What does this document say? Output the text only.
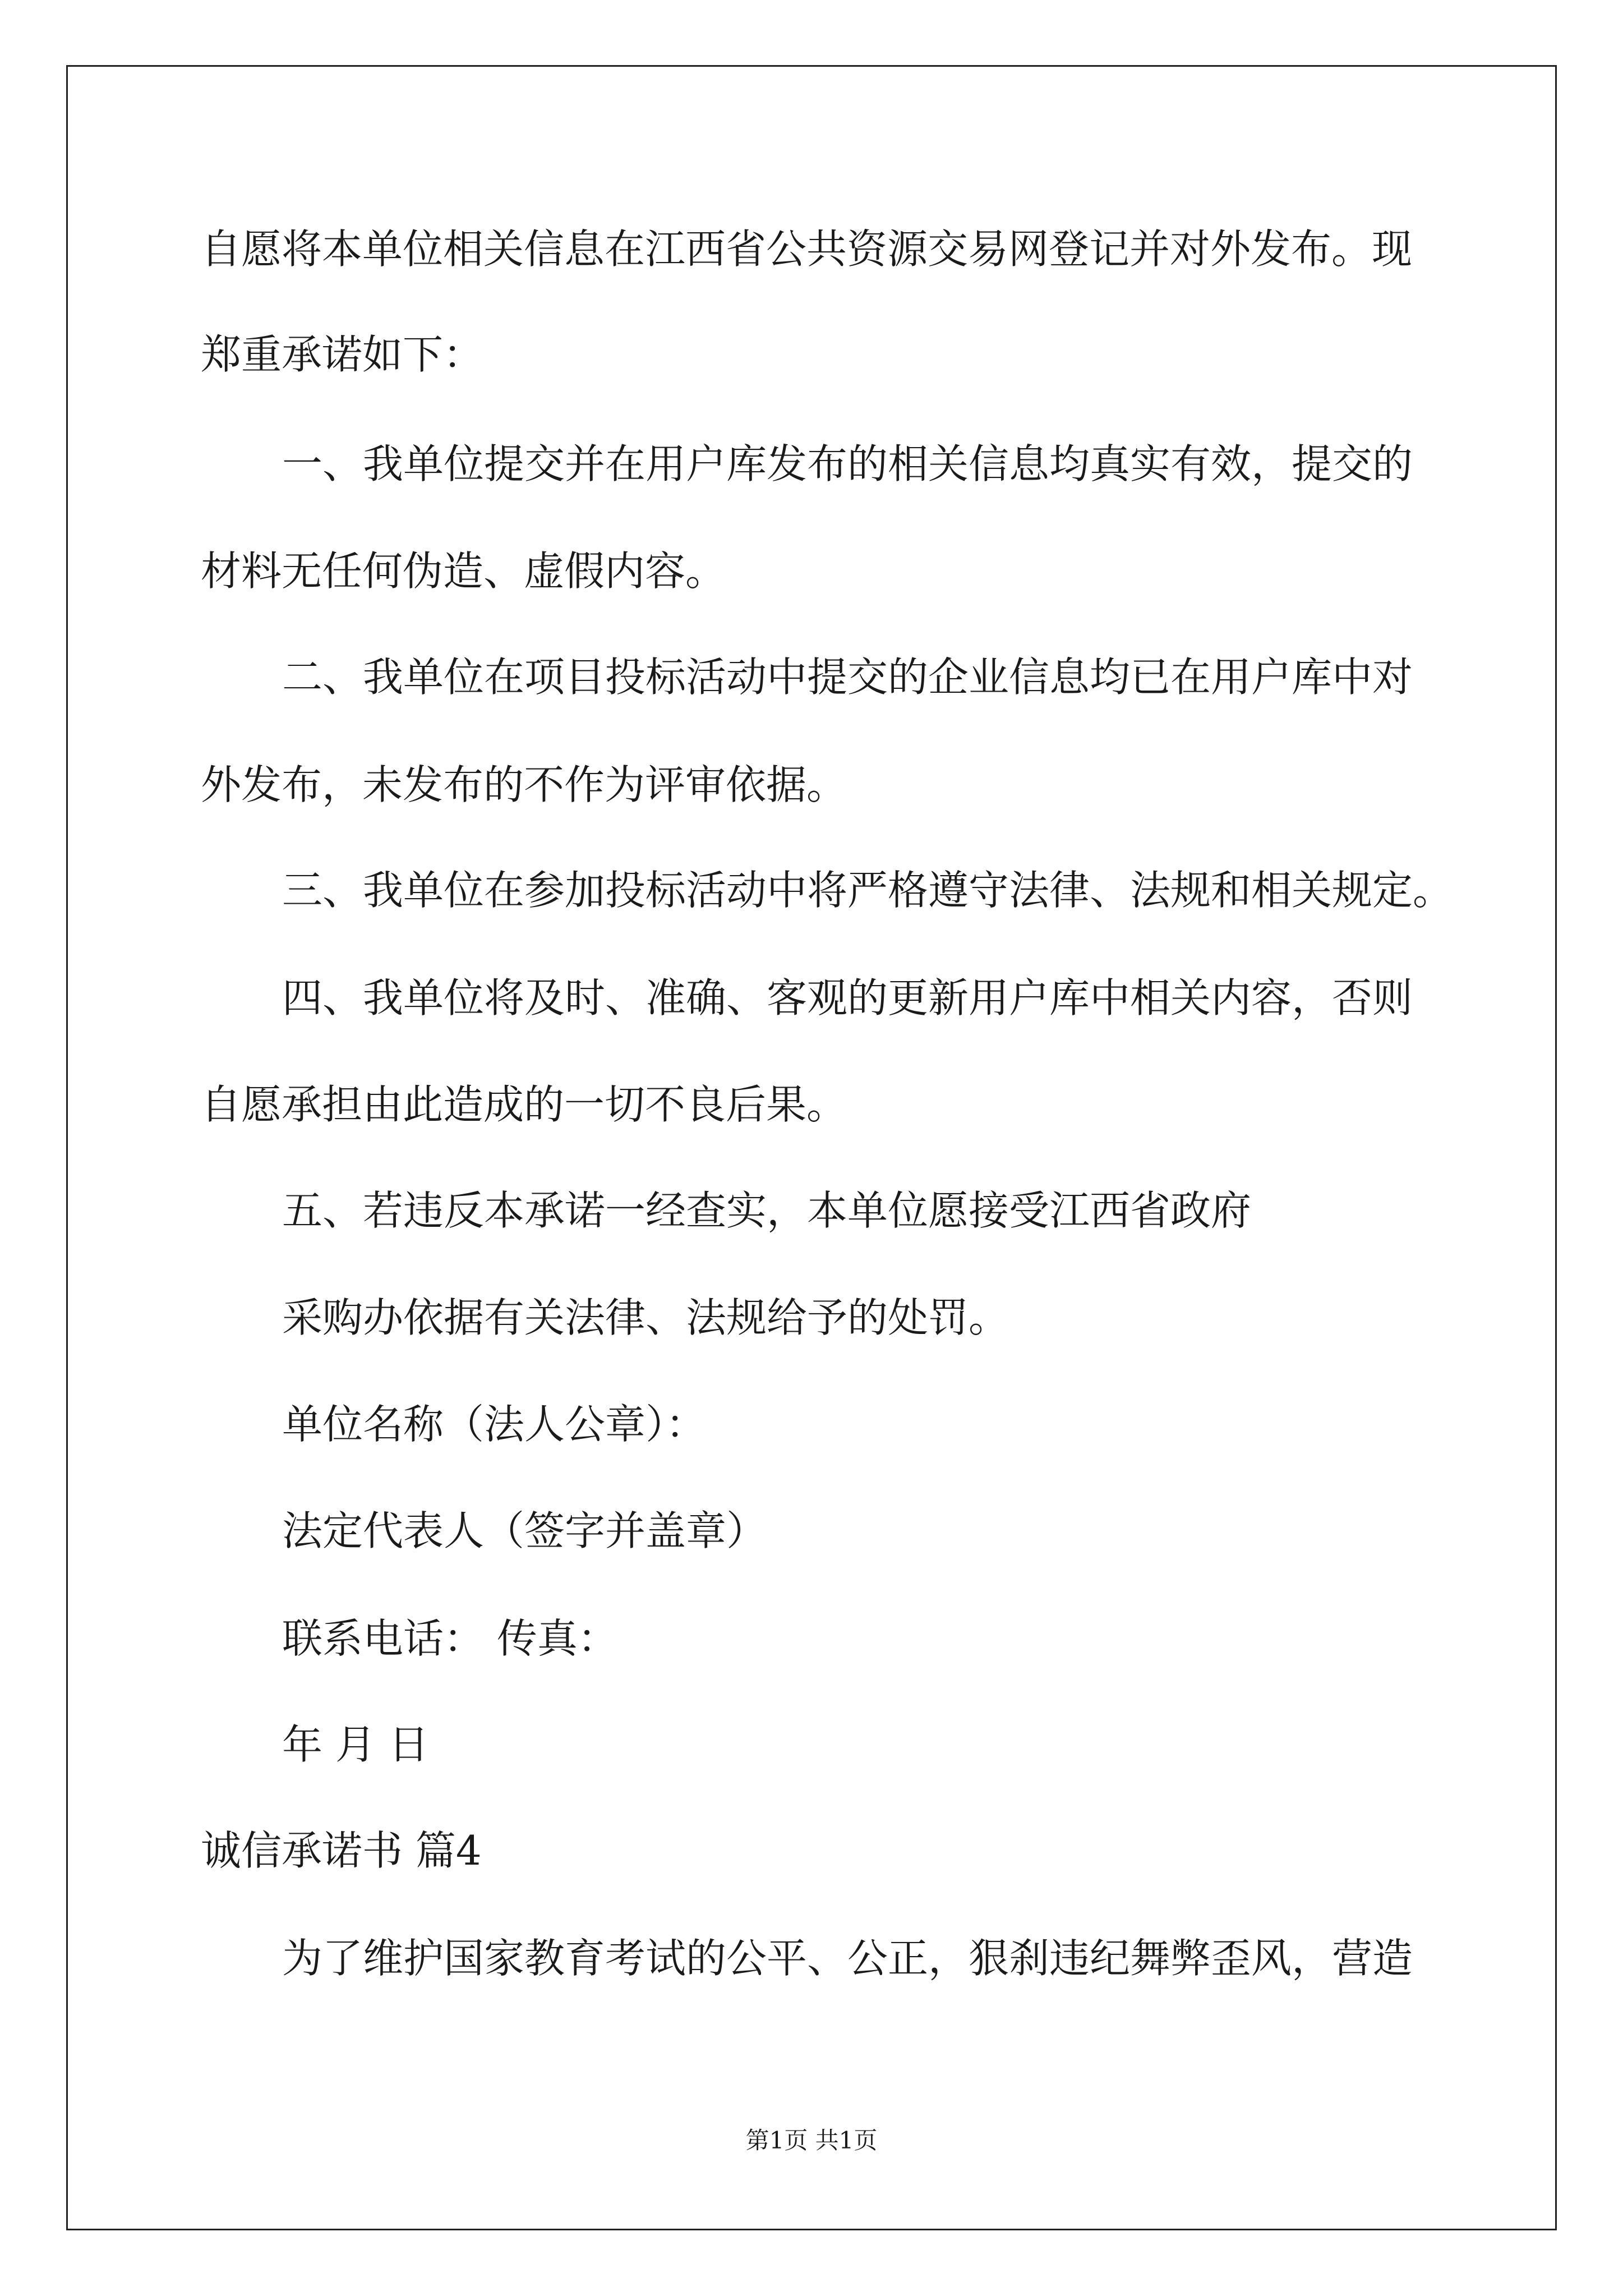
自愿将本单位相关信息在江西省公共资源交易网登记并对外发布。现
郑重承诺如下：
一、我单位提交并在用户库发布的相关信息均真实有效，提交的
材料无任何伪造、虚假内容。
二、我单位在项目投标活动中提交的企业信息均已在用户库中对
外发布，未发布的不作为评审依据。
三、我单位在参加投标活动中将严格遵守法律、法规和相关规定。
四、我单位将及时、准确、客观的更新用户库中相关内容，否则
自愿承担由此造成的一切不良后果。
五、若违反本承诺一经查实，本单位愿接受江西省政府
采购办依据有关法律、法规给予的处罚。
单位名称（法人公章）：
法定代表人（签字并盖章）
联系电话： 传真：
年 月 日
诚信承诺书 篇4
为了维护国家教育考试的公平、公正，狠刹违纪舞弊歪风，营造
第1页 共1页
